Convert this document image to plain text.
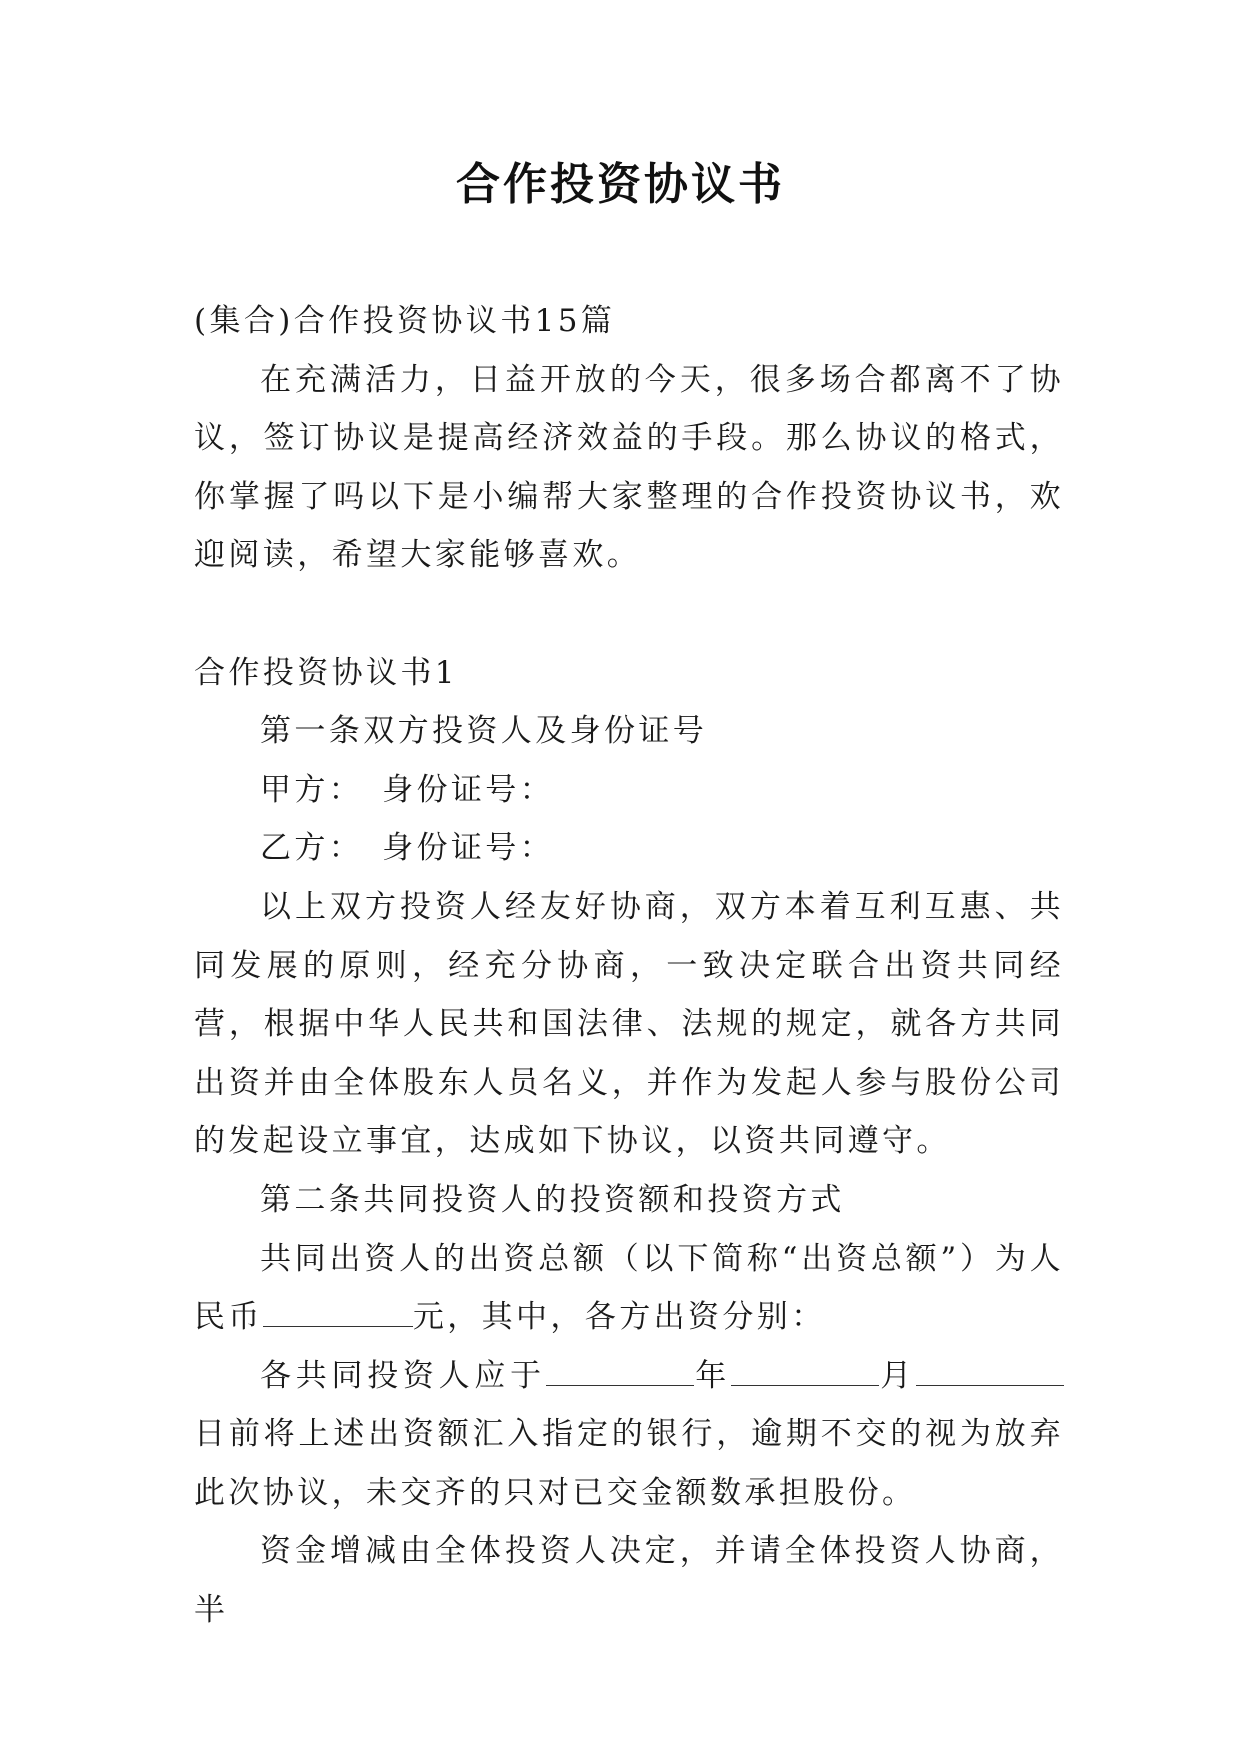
合作投资协议书

(集合)合作投资协议书15篇

在充满活力，日益开放的今天，很多场合都离不了协议，签订协议是提高经济效益的手段。那么协议的格式，你掌握了吗以下是小编帮大家整理的合作投资协议书，欢迎阅读，希望大家能够喜欢。

合作投资协议书1

第一条双方投资人及身份证号

甲方：　身份证号：

乙方：　身份证号：

以上双方投资人经友好协商，双方本着互利互惠、共同发展的原则，经充分协商，一致决定联合出资共同经营，根据中华人民共和国法律、法规的规定，就各方共同出资并由全体股东人员名义，并作为发起人参与股份公司的发起设立事宜，达成如下协议，以资共同遵守。

第二条共同投资人的投资额和投资方式

共同出资人的出资总额（以下简称“出资总额”）为人民币	元，其中，各方出资分别：

各共同投资人应于	年	月日前将上述出资额汇入指定的银行，逾期不交的视为放弃此次协议，未交齐的只对已交金额数承担股份。

资金增减由全体投资人决定，并请全体投资人协商，半
